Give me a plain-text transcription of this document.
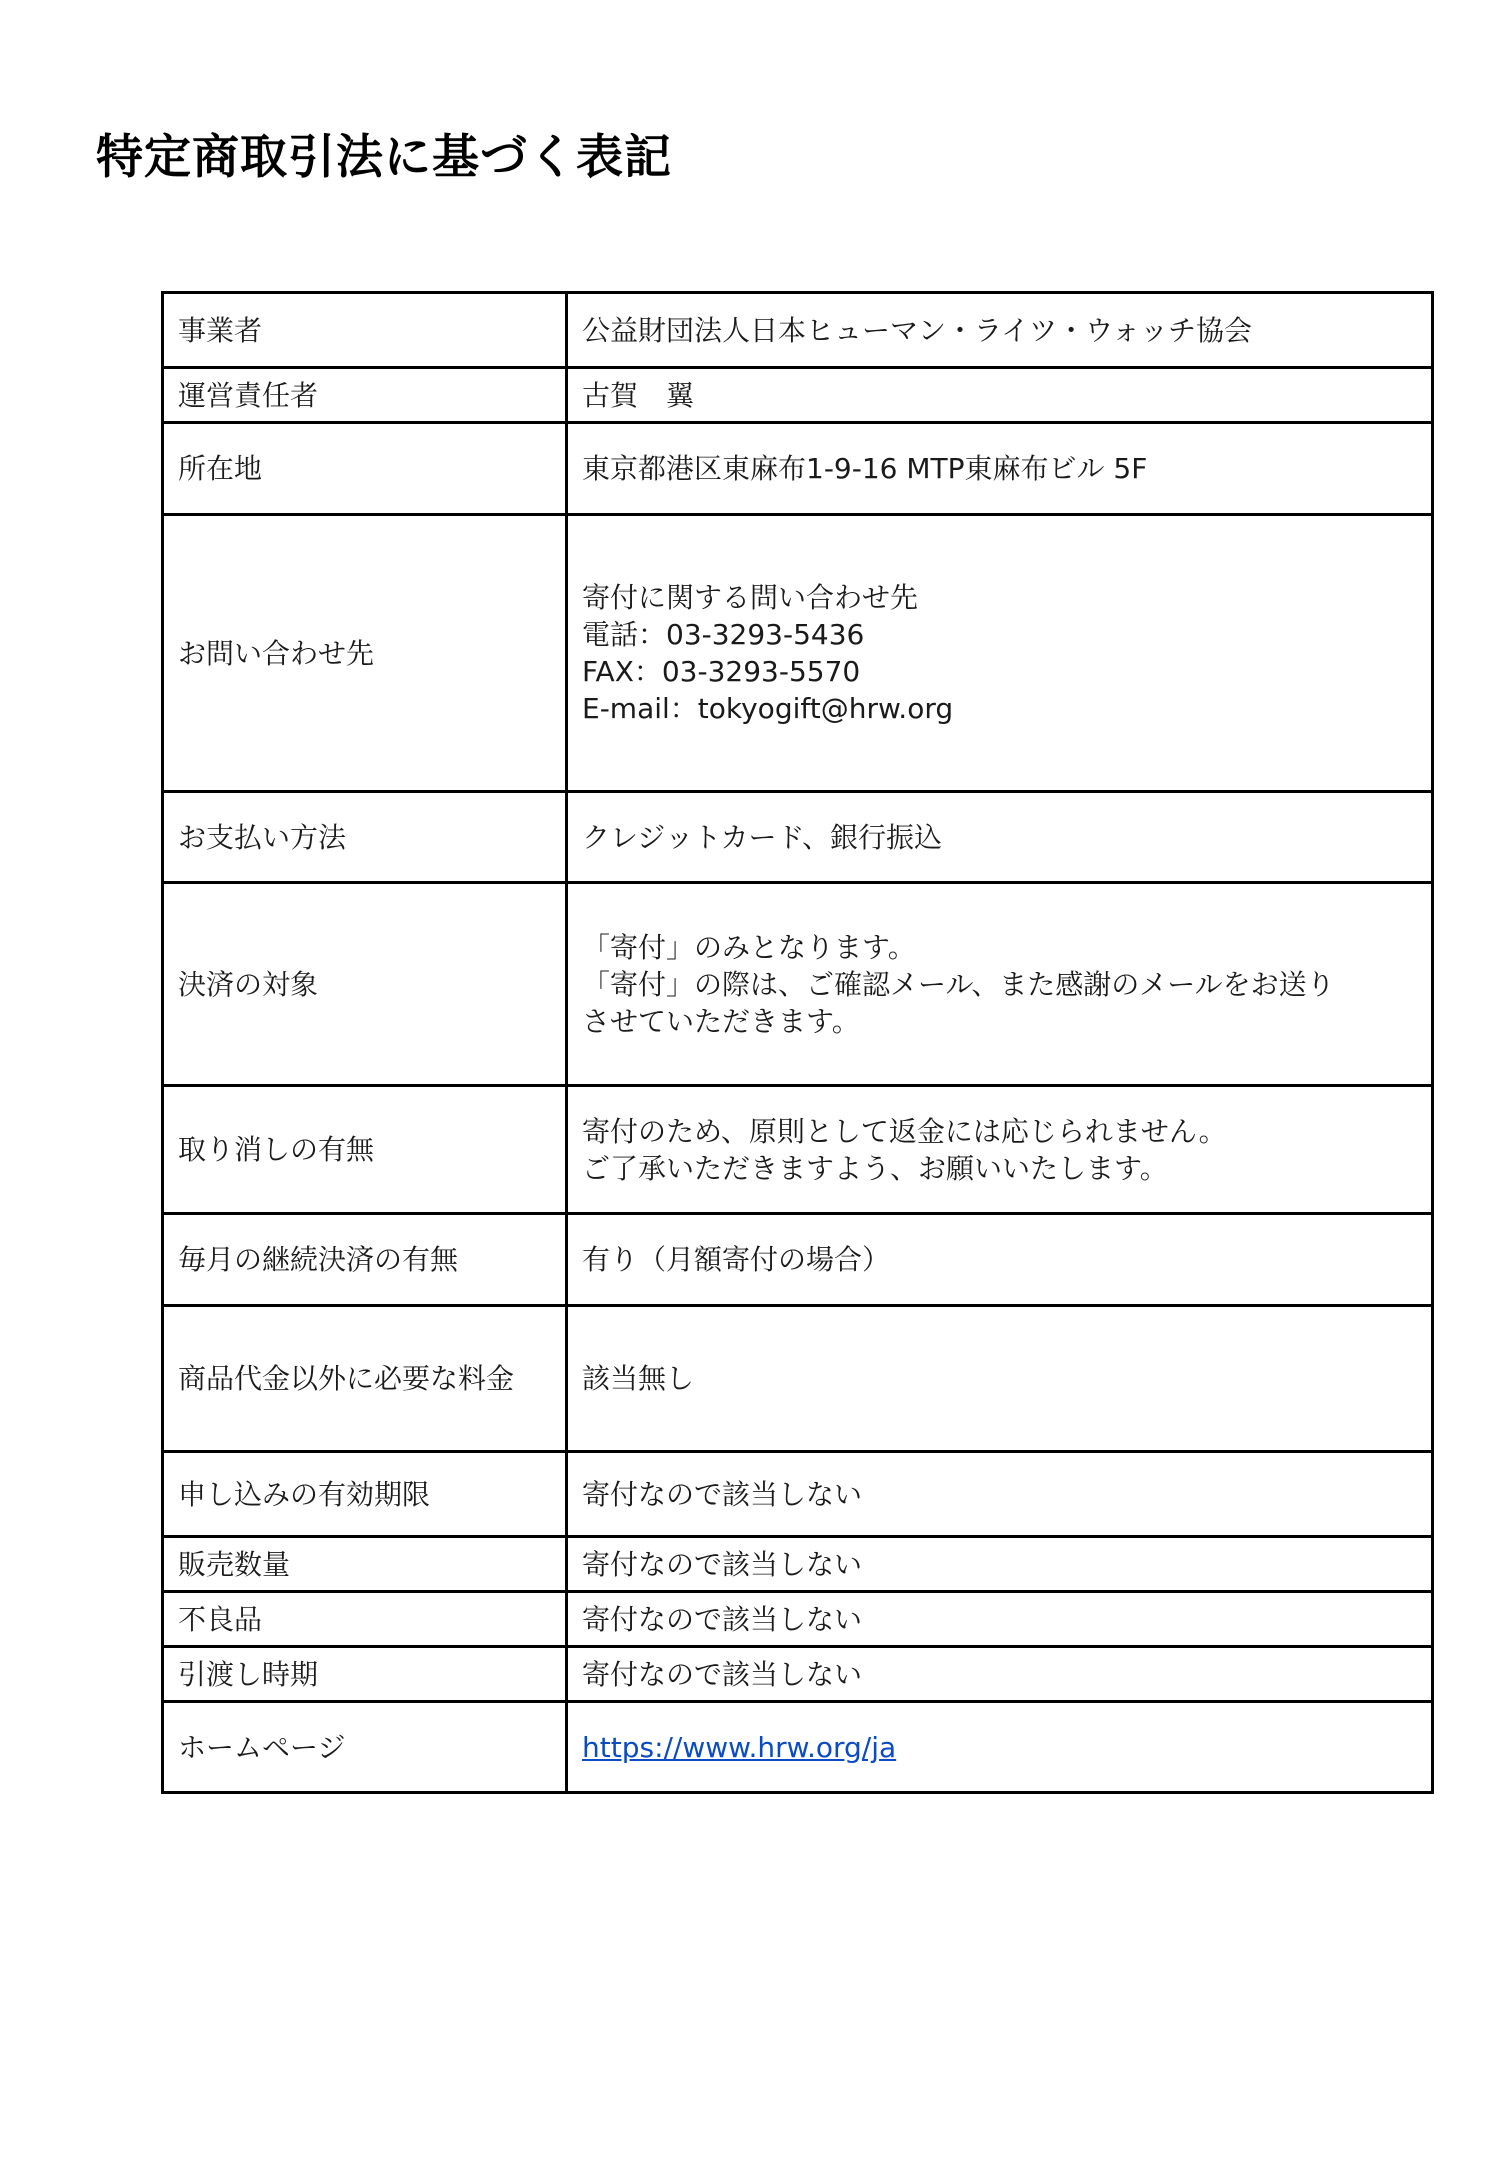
特定商取引法に基づく表記
事業者	公益財団法人日本ヒューマン・ライツ・ウォッチ協会
運営責任者	古賀　翼
所在地	東京都港区東麻布1-9-16 MTP東麻布ビル 5F
お問い合わせ先	寄付に関する問い合わせ先
電話：03-3293-5436
FAX：03-3293-5570
E-mail：tokyogift@hrw.org

お支払い方法	クレジットカード、銀行振込
決済の対象	「寄付」のみとなります。
「寄付」の際は、ご確認メール、また感謝のメールをお送り
させていただきます。

取り消しの有無	寄付のため、原則として返金には応じられません。
ご了承いただきますよう、お願いいたします。

毎月の継続決済の有無	有り（月額寄付の場合）
商品代金以外に必要な料金	該当無し
申し込みの有効期限	寄付なので該当しない
販売数量	寄付なので該当しない
不良品	寄付なので該当しない
引渡し時期	寄付なので該当しない
ホームページ	https://www.hrw.org/ja
